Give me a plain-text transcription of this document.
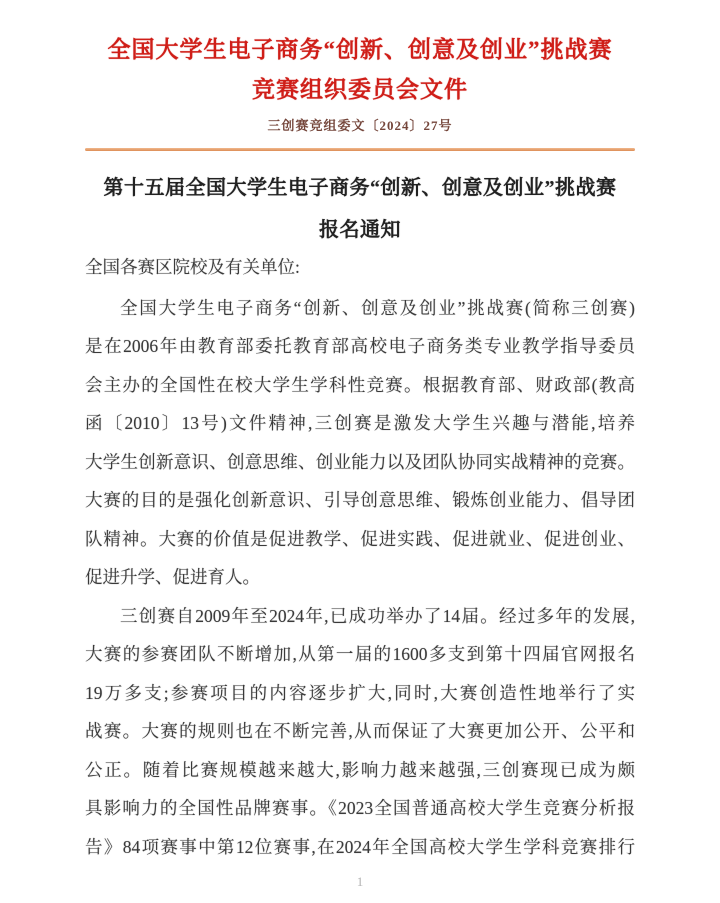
全国大学生电子商务“创新、创意及创业”挑战赛
竞赛组织委员会文件
三创赛竞组委文〔2024〕27号
第十五届全国大学生电子商务“创新、创意及创业”挑战赛
报名通知
全国各赛区院校及有关单位:
全国大学生电子商务“创新、创意及创业”挑战赛(简称三创赛)
是在2006年由教育部委托教育部高校电子商务类专业教学指导委员
会主办的全国性在校大学生学科性竞赛。根据教育部、财政部(教高
函〔2010〕13号)文件精神,三创赛是激发大学生兴趣与潜能,培养
大学生创新意识、创意思维、创业能力以及团队协同实战精神的竞赛。
大赛的目的是强化创新意识、引导创意思维、锻炼创业能力、倡导团
队精神。大赛的价值是促进教学、促进实践、促进就业、促进创业、
促进升学、促进育人。
三创赛自2009年至2024年,已成功举办了14届。经过多年的发展,
大赛的参赛团队不断增加,从第一届的1600多支到第十四届官网报名
19万多支;参赛项目的内容逐步扩大,同时,大赛创造性地举行了实
战赛。大赛的规则也在不断完善,从而保证了大赛更加公开、公平和
公正。随着比赛规模越来越大,影响力越来越强,三创赛现已成为颇
具影响力的全国性品牌赛事。《2023全国普通高校大学生竞赛分析报
告》84项赛事中第12位赛事,在2024年全国高校大学生学科竞赛排行
1
